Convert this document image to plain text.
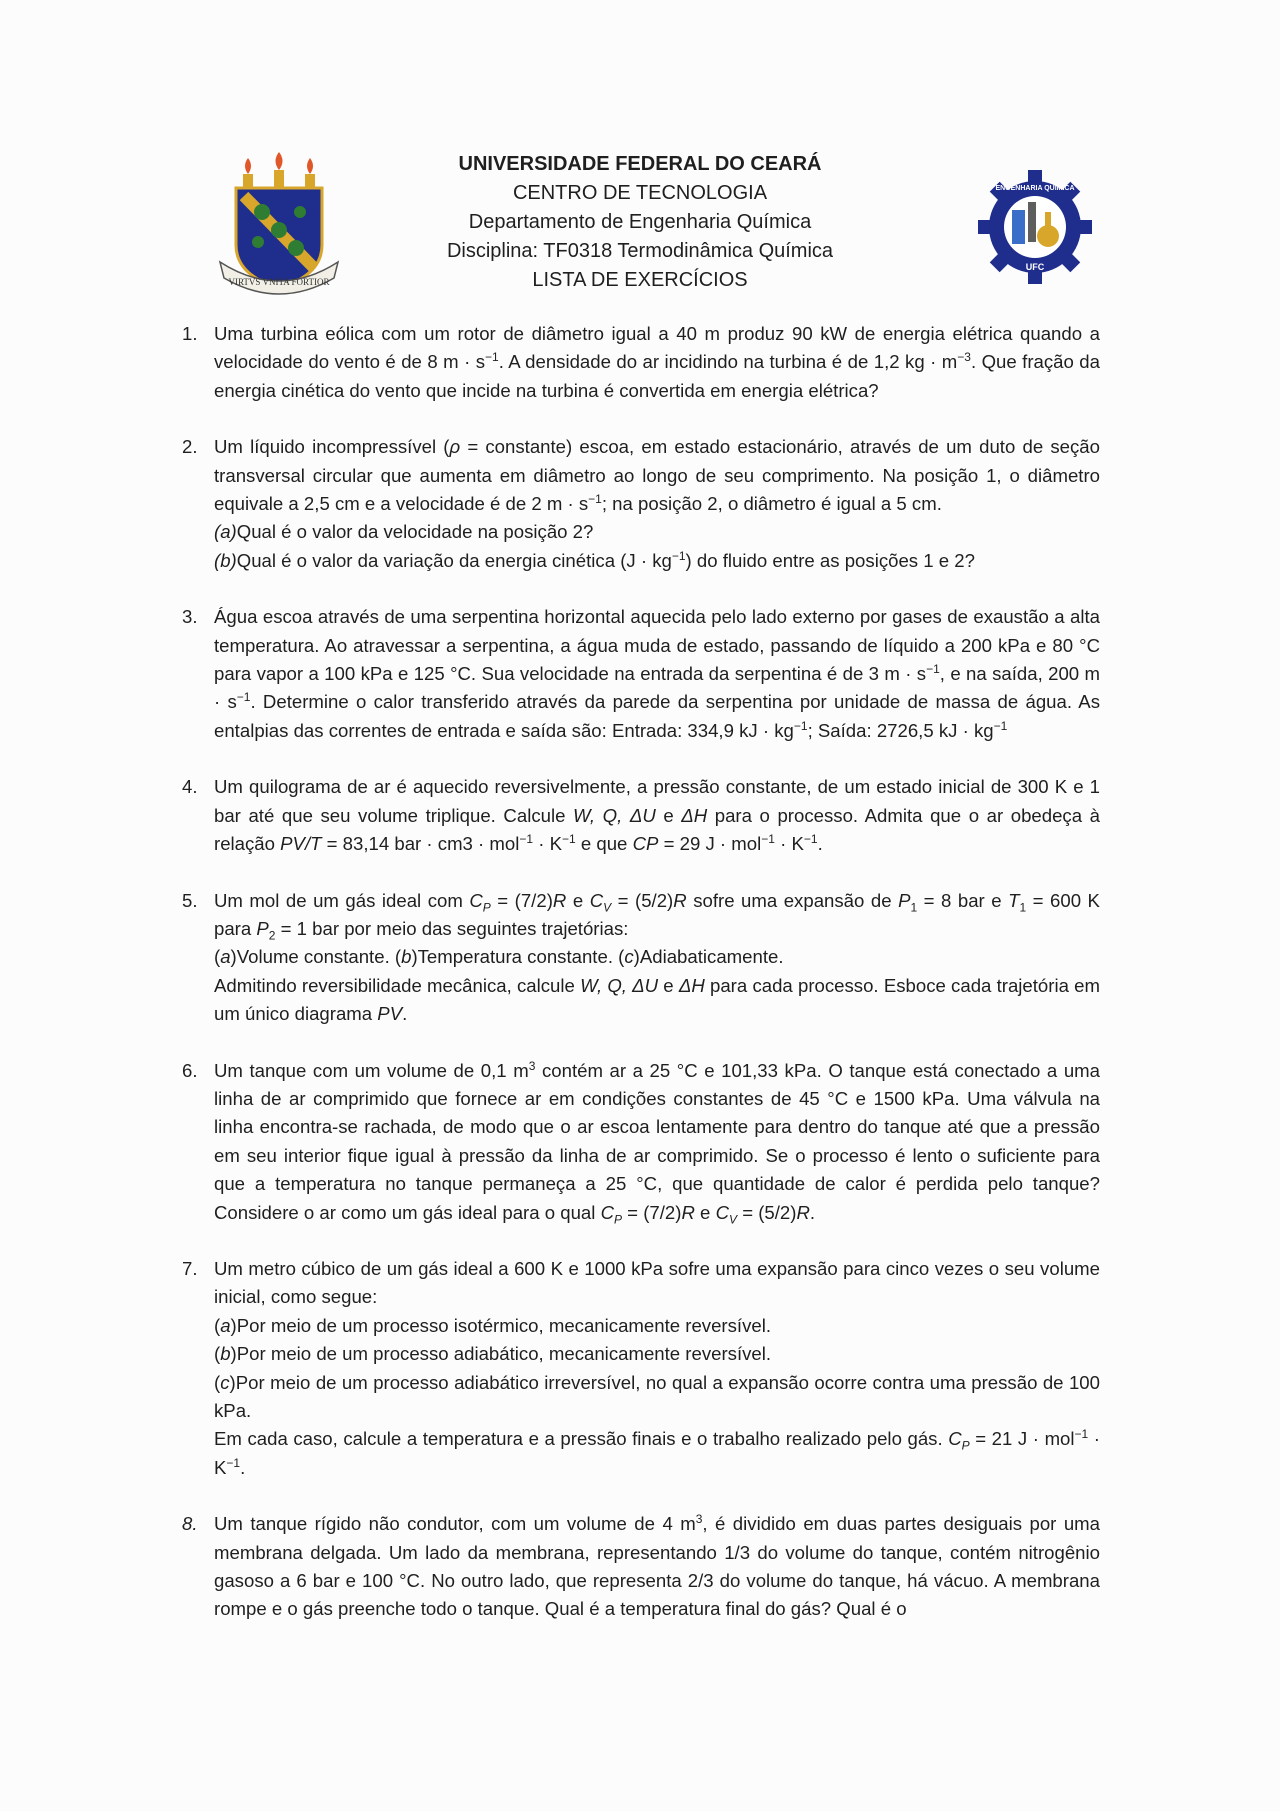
VIRTVS VNITA FORTIOR
UNIVERSIDADE FEDERAL DO CEARÁ
CENTRO DE TECNOLOGIA
Departamento de Engenharia Química
Disciplina: TF0318 Termodinâmica Química
LISTA DE EXERCÍCIOS
ENGENHARIA QUÍMICA
UFC
1. Uma turbina eólica com um rotor de diâmetro igual a 40 m produz 90 kW de energia elétrica quando a velocidade do vento é de 8 $m \cdot s^{-1}$. A densidade do ar incidindo na turbina é de 1,2 kg · $m^{-3}$. Que fração da energia cinética do vento que incide na turbina é convertida em energia elétrica?
2. Um líquido incompressível (ρ = constante) escoa, em estado estacionário, através de um duto de seção transversal circular que aumenta em diâmetro ao longo de seu comprimento. Na posição 1, o diâmetro equivale a 2,5 cm e a velocidade é de 2 $m \cdot s^{-1}$; na posição 2, o diâmetro é igual a 5 cm.
(a)Qual é o valor da velocidade na posição 2?
(b)Qual é o valor da variação da energia cinética $(J \cdot kg^{-1})$ do fluido entre as posições 1 e 2?
3. Água escoa através de uma serpentina horizontal aquecida pelo lado externo por gases de exaustão a alta temperatura. Ao atravessar a serpentina, a água muda de estado, passando de líquido a 200 kPa e 80 °C para vapor a 100 kPa e 125 °C. Sua velocidade na entrada da serpentina é de 3 $m \cdot s^{-1}$, e na saída, 200 $m \cdot s^{-1}$. Determine o calor transferido através da parede da serpentina por unidade de massa de água. As entalpias das correntes de entrada e saída são: Entrada: 334,9 kJ · $kg^{-1}$; Saída: 2726,5 kJ · $kg^{-1}$
4. Um quilograma de ar é aquecido reversivelmente, a pressão constante, de um estado inicial de 300 K e 1 bar até que seu volume triplique. Calcule W, Q, ΔU e ΔH para o processo. Admita que o ar obedeça à relação PV/T = 83,14 bar · $cm3 \cdot mol^{-1} \cdot K^{-1}$ e que CP = 29 $J \cdot mol^{-1} \cdot K^{-1}$.
5. Um mol de um gás ideal com $C_P = (7/2)R$ e $C_V = (5/2)R$ sofre uma expansão de $P_1 = 8$ bar e $T_1 = 600$ K para $P_2 = 1$ bar por meio das seguintes trajetórias:
(a)Volume constante. (b)Temperatura constante. (c)Adiabaticamente.
Admitindo reversibilidade mecânica, calcule W, Q, ΔU e ΔH para cada processo. Esboce cada trajetória em um único diagrama PV.
6. Um tanque com um volume de 0,1 $m^3$ contém ar a 25 °C e 101,33 kPa. O tanque está conectado a uma linha de ar comprimido que fornece ar em condições constantes de 45 °C e 1500 kPa. Uma válvula na linha encontra-se rachada, de modo que o ar escoa lentamente para dentro do tanque até que a pressão em seu interior fique igual à pressão da linha de ar comprimido. Se o processo é lento o suficiente para que a temperatura no tanque permaneça a 25 °C, que quantidade de calor é perdida pelo tanque? Considere o ar como um gás ideal para o qual $C_P = (7/2)R$ e $C_V = (5/2)R$.
7. Um metro cúbico de um gás ideal a 600 K e 1000 kPa sofre uma expansão para cinco vezes o seu volume inicial, como segue:
(a)Por meio de um processo isotérmico, mecanicamente reversível.
(b)Por meio de um processo adiabático, mecanicamente reversível.
(c)Por meio de um processo adiabático irreversível, no qual a expansão ocorre contra uma pressão de 100 kPa.
Em cada caso, calcule a temperatura e a pressão finais e o trabalho realizado pelo gás. $C_P = 21$ $J \cdot mol^{-1} \cdot K^{-1}$.
8. Um tanque rígido não condutor, com um volume de 4 $m^3$, é dividido em duas partes desiguais por uma membrana delgada. Um lado da membrana, representando 1/3 do volume do tanque, contém nitrogênio gasoso a 6 bar e 100 °C. No outro lado, que representa 2/3 do volume do tanque, há vácuo. A membrana rompe e o gás preenche todo o tanque. Qual é a temperatura final do gás? Qual é o
